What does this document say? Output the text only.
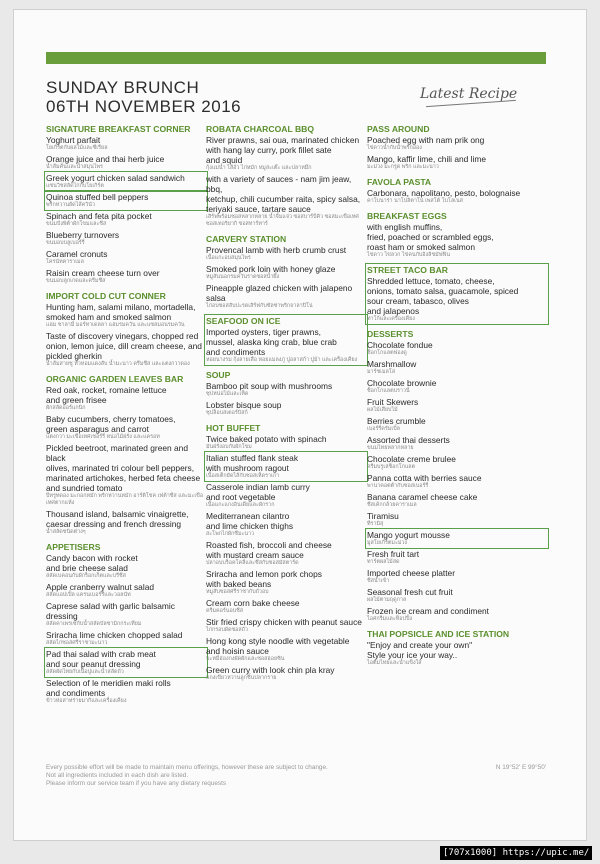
SUNDAY BRUNCH
06TH NOVEMBER 2016
Latest Recipe
SIGNATURE BREAKFAST CORNER
Yoghurt parfait
โยเกิร์ตกับผลไม้และซีเรียล
Orange juice and thai herb juice
น้ำส้มคั้นและน้ำสมุนไพร
Greek yogurt chicken salad sandwich
แซนวิชสลัดไก่กับโยเกิร์ต
Quinoa stuffed bell peppers
พริกหวานยัดไส้ควินัว
Spinach and feta pita pocket
ขนมปังพิต้าผักโขมและชีส
Blueberry turnovers
ขนมอบบลูเบอร์รี่
Caramel cronuts
โครนัทคาราเมล
Raisin cream cheese turn over
ขนมอบลูกเกดและครีมชีส
IMPORT COLD CUT CONNER
Hunting ham, salami milano, mortadella,
smoked ham and smoked salmon
แฮม ซาลามี่ มอร์ทาเดลลา แฮมรมควัน และแซลมอนรมควัน
Taste of discovery vinegars, chopped red
onion, lemon juice, dill cream cheese, and
pickled gherkin
น้ำส้มสายชู หัวหอมแดงสับ น้ำมะนาว ครีมชีส และแตงกวาดอง
ORGANIC GARDEN LEAVES BAR
Red oak, rocket, romaine lettuce
and green frisee
ผักสลัดออร์แกนิก
Baby cucumbers, cherry tomatoes,
green asparagus and carrot
แตงกวา มะเขือเทศเชอร์รี่ หน่อไม้ฝรั่ง และแครอท
Pickled beetroot, marinated green and black
olives, marinated tri colour bell peppers,
marinated artichokes, herbed feta cheese
and sundried tomato
บีทรูทดอง มะกอกหมัก พริกหวานหมัก อาร์ติโชค เฟต้าชีส และมะเขือเทศตากแห้ง
Thousand island, balsamic vinaigrette,
caesar dressing and french dressing
น้ำสลัดชนิดต่างๆ
APPETISERS
Candy bacon with rocket
and brie cheese salad
สลัดเบคอนกับผักร็อกเก็ตและบรีชีส
Apple cranberry walnut salad
สลัดแอปเปิ้ล แครนเบอร์รี่และวอลนัท
Caprese salad with garlic balsamic dressing
สลัดคาเพรเซ่กับน้ำสลัดบัลซามิกกระเทียม
Sriracha lime chicken chopped salad
สลัดไก่ซอสศรีราชามะนาว
Pad thai salad with crab meat
and sour peanut dressing
สลัดผัดไทยกับเนื้อปูและน้ำสลัดถั่ว
Selection of le meridien maki rolls
and condiments
ข้าวห่อสาหร่ายมากิและเครื่องเคียง
ROBATA CHARCOAL BBQ
River prawns, sai oua, marinated chicken
with hang lay curry, pork fillet sate
and squid
กุ้งแม่น้ำ ไส้อั่ว ไก่หมัก หมูสะเต๊ะ และปลาหมึก
with a variety of sauces - nam jim jeaw, bbq,
ketchup, chili cucumber raita, spicy salsa,
teriyaki sauce, tartare sauce
เสิร์ฟพร้อมซอสหลากหลาย น้ำจิ้มแจ่ว ซอสบาร์บีคิว ซอสมะเขือเทศ ซอสเทอริยากิ ซอสทาร์ทาร์
CARVERY STATION
Provencal lamb with herb crumb crust
เนื้อแกะอบสมุนไพร
Smoked pork loin with honey glaze
หมูสันนอกรมควันราดซอสน้ำผึ้ง
Pineapple glazed chicken with jalapeno salsa
ไก่อบซอสสับปะรดเสิร์ฟกับซัลซ่าพริกจาลาปิโน่
SEAFOOD ON ICE
Imported oysters, tiger prawns,
mussel, alaska king crab, blue crab
and condiments
หอยนางรม กุ้งลายเสือ หอยแมลงภู่ ปูอลาสก้า ปูม้า และเครื่องเคียง
SOUP
Bamboo pit soup with mushrooms
ซุปหน่อไม้และเห็ด
Lobster bisque soup
ซุปล็อบสเตอร์บิสก์
HOT BUFFET
Twice baked potato with spinach
มันฝรั่งอบกับผักโขม
Italian stuffed flank steak
with mushroom ragout
เนื้อสเต็กยัดไส้กับซอสเห็ดราเกา
Casserole indian lamb curry
and root vegetable
เนื้อแกะแกงอินเดียและผักราก
Mediterranean cilantro
and lime chicken thighs
สะโพกไก่ผักชีมะนาว
Roasted fish, broccoli and cheese
with mustard cream sauce
ปลาอบบร็อคโคลี่และชีสกับซอสมัสตาร์ด
Sriracha and lemon pork chops
with baked beans
หมูสับซอสศรีราชากับถั่วอบ
Cream corn bake cheese
ครีมคอร์นอบชีส
Stir fried crispy chicken with peanut sauce
ไก่กรอบผัดซอสถั่ว
Hong kong style noodle with vegetable
and hoisin sauce
บะหมี่ฮ่องกงผัดผักและซอสฮอยซิน
Green curry with look chin pla kray
แกงเขียวหวานลูกชิ้นปลากราย
PASS AROUND
Poached egg with nam prik ong
ไข่ดาวน้ำกับน้ำพริกอ่อง
Mango, kaffir lime, chili and lime
มะม่วง มะกรูด พริก และมะนาว
FAVOLA PASTA
Carbonara, napolitano, pesto, bolognaise
คาโบนาร่า นาโปลิตาโน่ เพสโต้ โบโลเนส
BREAKFAST EGGS
with english muffins,
fried, poached or scrambled eggs,
roast ham or smoked salmon
ไข่ดาว ไข่ลวก ไข่คนกับอิงลิชมัฟฟิน
STREET TACO BAR
Shredded lettuce, tomato, cheese,
onions, tomato salsa, guacamole, spiced
sour cream, tabasco, olives
and jalapenos
ทาโก้และเครื่องเคียง
DESSERTS
Chocolate fondue
ช็อกโกแลตฟองดู
Marshmallow
มาร์ชเมลโล่
Chocolate brownie
ช็อกโกแลตบราวนี่
Fruit Skewers
ผลไม้เสียบไม้
Berries crumble
เบอร์รี่ครัมเบิ้ล
Assorted thai desserts
ขนมไทยหลากหลาย
Chocolate creme brulee
ครีมบรูเล่ช็อกโกแลต
Panna cotta with berries sauce
พานาคอตต้ากับซอสเบอร์รี่
Banana caramel cheese cake
ชีสเค้กกล้วยคาราเมล
Tiramisu
ทีรามิสุ
Mango yogurt mousse
มูสโยเกิร์ตมะม่วง
Fresh fruit tart
ทาร์ตผลไม้สด
Imported cheese platter
ชีสนำเข้า
Seasonal fresh cut fruit
ผลไม้ตามฤดูกาล
Frozen ice cream and condiment
ไอศกรีมและท็อปปิ้ง
THAI POPSICLE AND ICE STATION
"Enjoy and create your own"
Style your ice your way..
ไอติมไทยและน้ำแข็งใส
Every possible effort will be made to maintain menu offerings, however these are subject to change.
Not all ingredients included in each dish are listed.
Please inform our service team if you have any dietary requests
N 19°52' E 99°50'
[707x1000] https://upic.me/
